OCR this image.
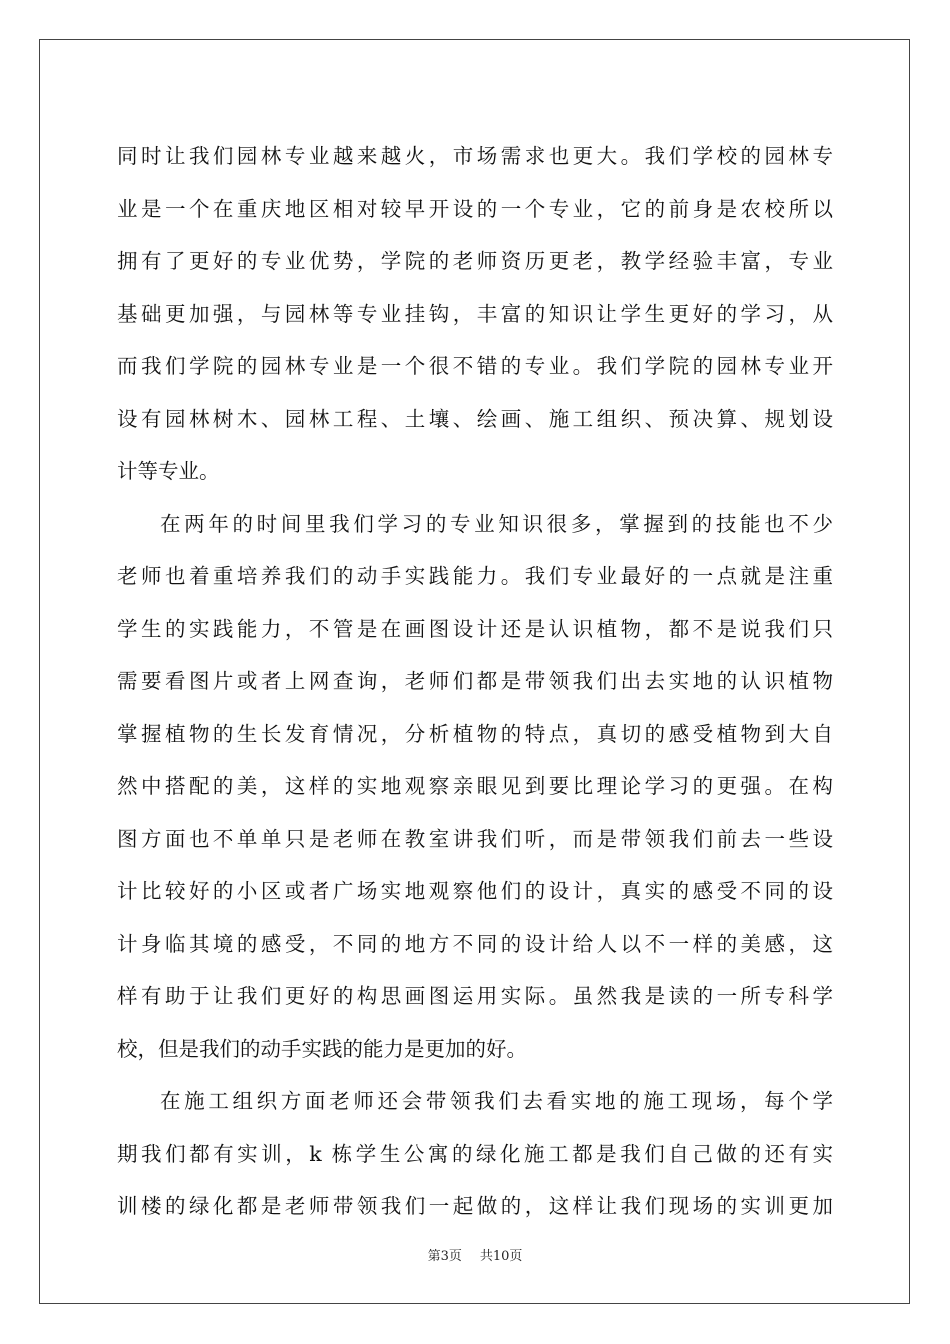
同时让我们园林专业越来越火，市场需求也更大。我们学校的园林专
业是一个在重庆地区相对较早开设的一个专业，它的前身是农校所以
拥有了更好的专业优势，学院的老师资历更老，教学经验丰富，专业
基础更加强，与园林等专业挂钩，丰富的知识让学生更好的学习，从
而我们学院的园林专业是一个很不错的专业。我们学院的园林专业开
设有园林树木、园林工程、土壤、绘画、施工组织、预决算、规划设
计等专业。
在两年的时间里我们学习的专业知识很多，掌握到的技能也不少
老师也着重培养我们的动手实践能力。我们专业最好的一点就是注重
学生的实践能力，不管是在画图设计还是认识植物，都不是说我们只
需要看图片或者上网查询，老师们都是带领我们出去实地的认识植物
掌握植物的生长发育情况，分析植物的特点，真切的感受植物到大自
然中搭配的美，这样的实地观察亲眼见到要比理论学习的更强。在构
图方面也不单单只是老师在教室讲我们听，而是带领我们前去一些设
计比较好的小区或者广场实地观察他们的设计，真实的感受不同的设
计身临其境的感受，不同的地方不同的设计给人以不一样的美感，这
样有助于让我们更好的构思画图运用实际。虽然我是读的一所专科学
校，但是我们的动手实践的能力是更加的好。
在施工组织方面老师还会带领我们去看实地的施工现场，每个学
期我们都有实训，k 栋学生公寓的绿化施工都是我们自己做的还有实
训楼的绿化都是老师带领我们一起做的，这样让我们现场的实训更加
第3页 共10页
